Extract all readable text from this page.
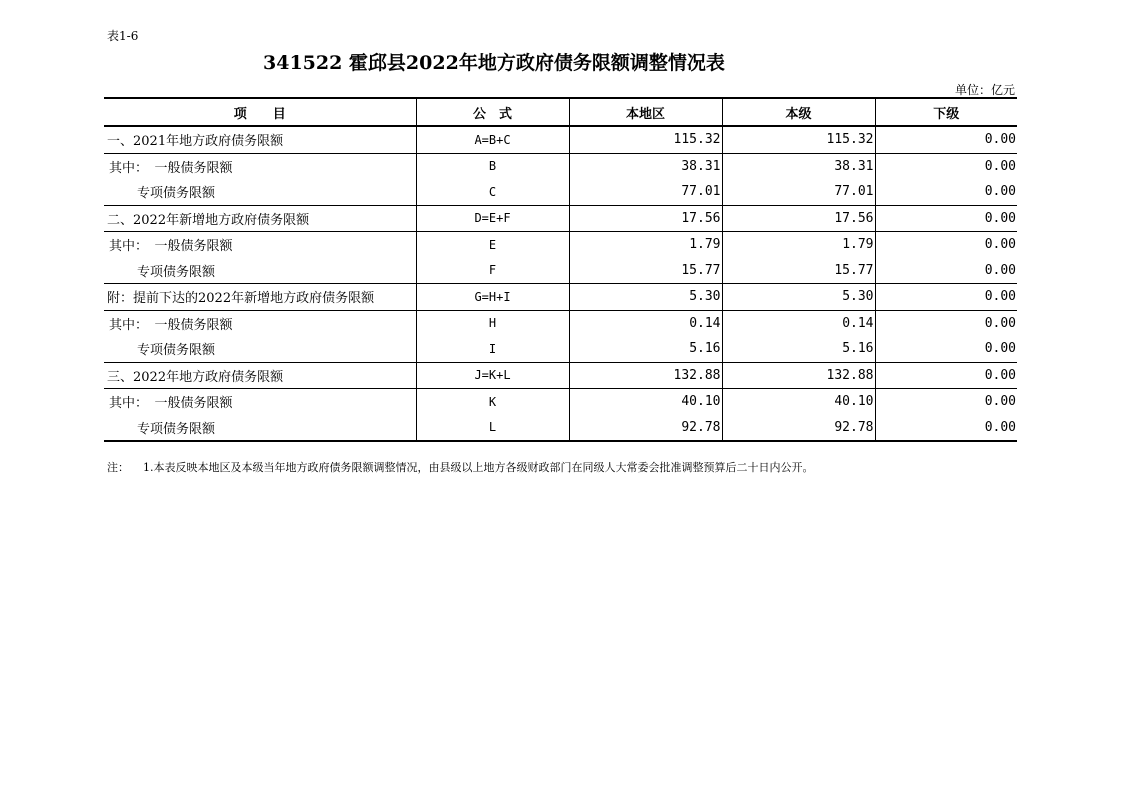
表1-6
341522 霍邱县2022年地方政府债务限额调整情况表
单位：亿元
项　　目	公　式	本地区	本级	下级
一、2021年地方政府债务限额	A=B+C	115.32	115.32	0.00
其中：　一般债务限额	B	38.31	38.31	0.00
专项债务限额	C	77.01	77.01	0.00
二、2022年新增地方政府债务限额	D=E+F	17.56	17.56	0.00
其中：　一般债务限额	E	1.79	1.79	0.00
专项债务限额	F	15.77	15.77	0.00
附：提前下达的2022年新增地方政府债务限额	G=H+I	5.30	5.30	0.00
其中：　一般债务限额	H	0.14	0.14	0.00
专项债务限额	I	5.16	5.16	0.00
三、2022年地方政府债务限额	J=K+L	132.88	132.88	0.00
其中：　一般债务限额	K	40.10	40.10	0.00
专项债务限额	L	92.78	92.78	0.00
注： 1.本表反映本地区及本级当年地方政府债务限额调整情况，由县级以上地方各级财政部门在同级人大常委会批准调整预算后二十日内公开。
